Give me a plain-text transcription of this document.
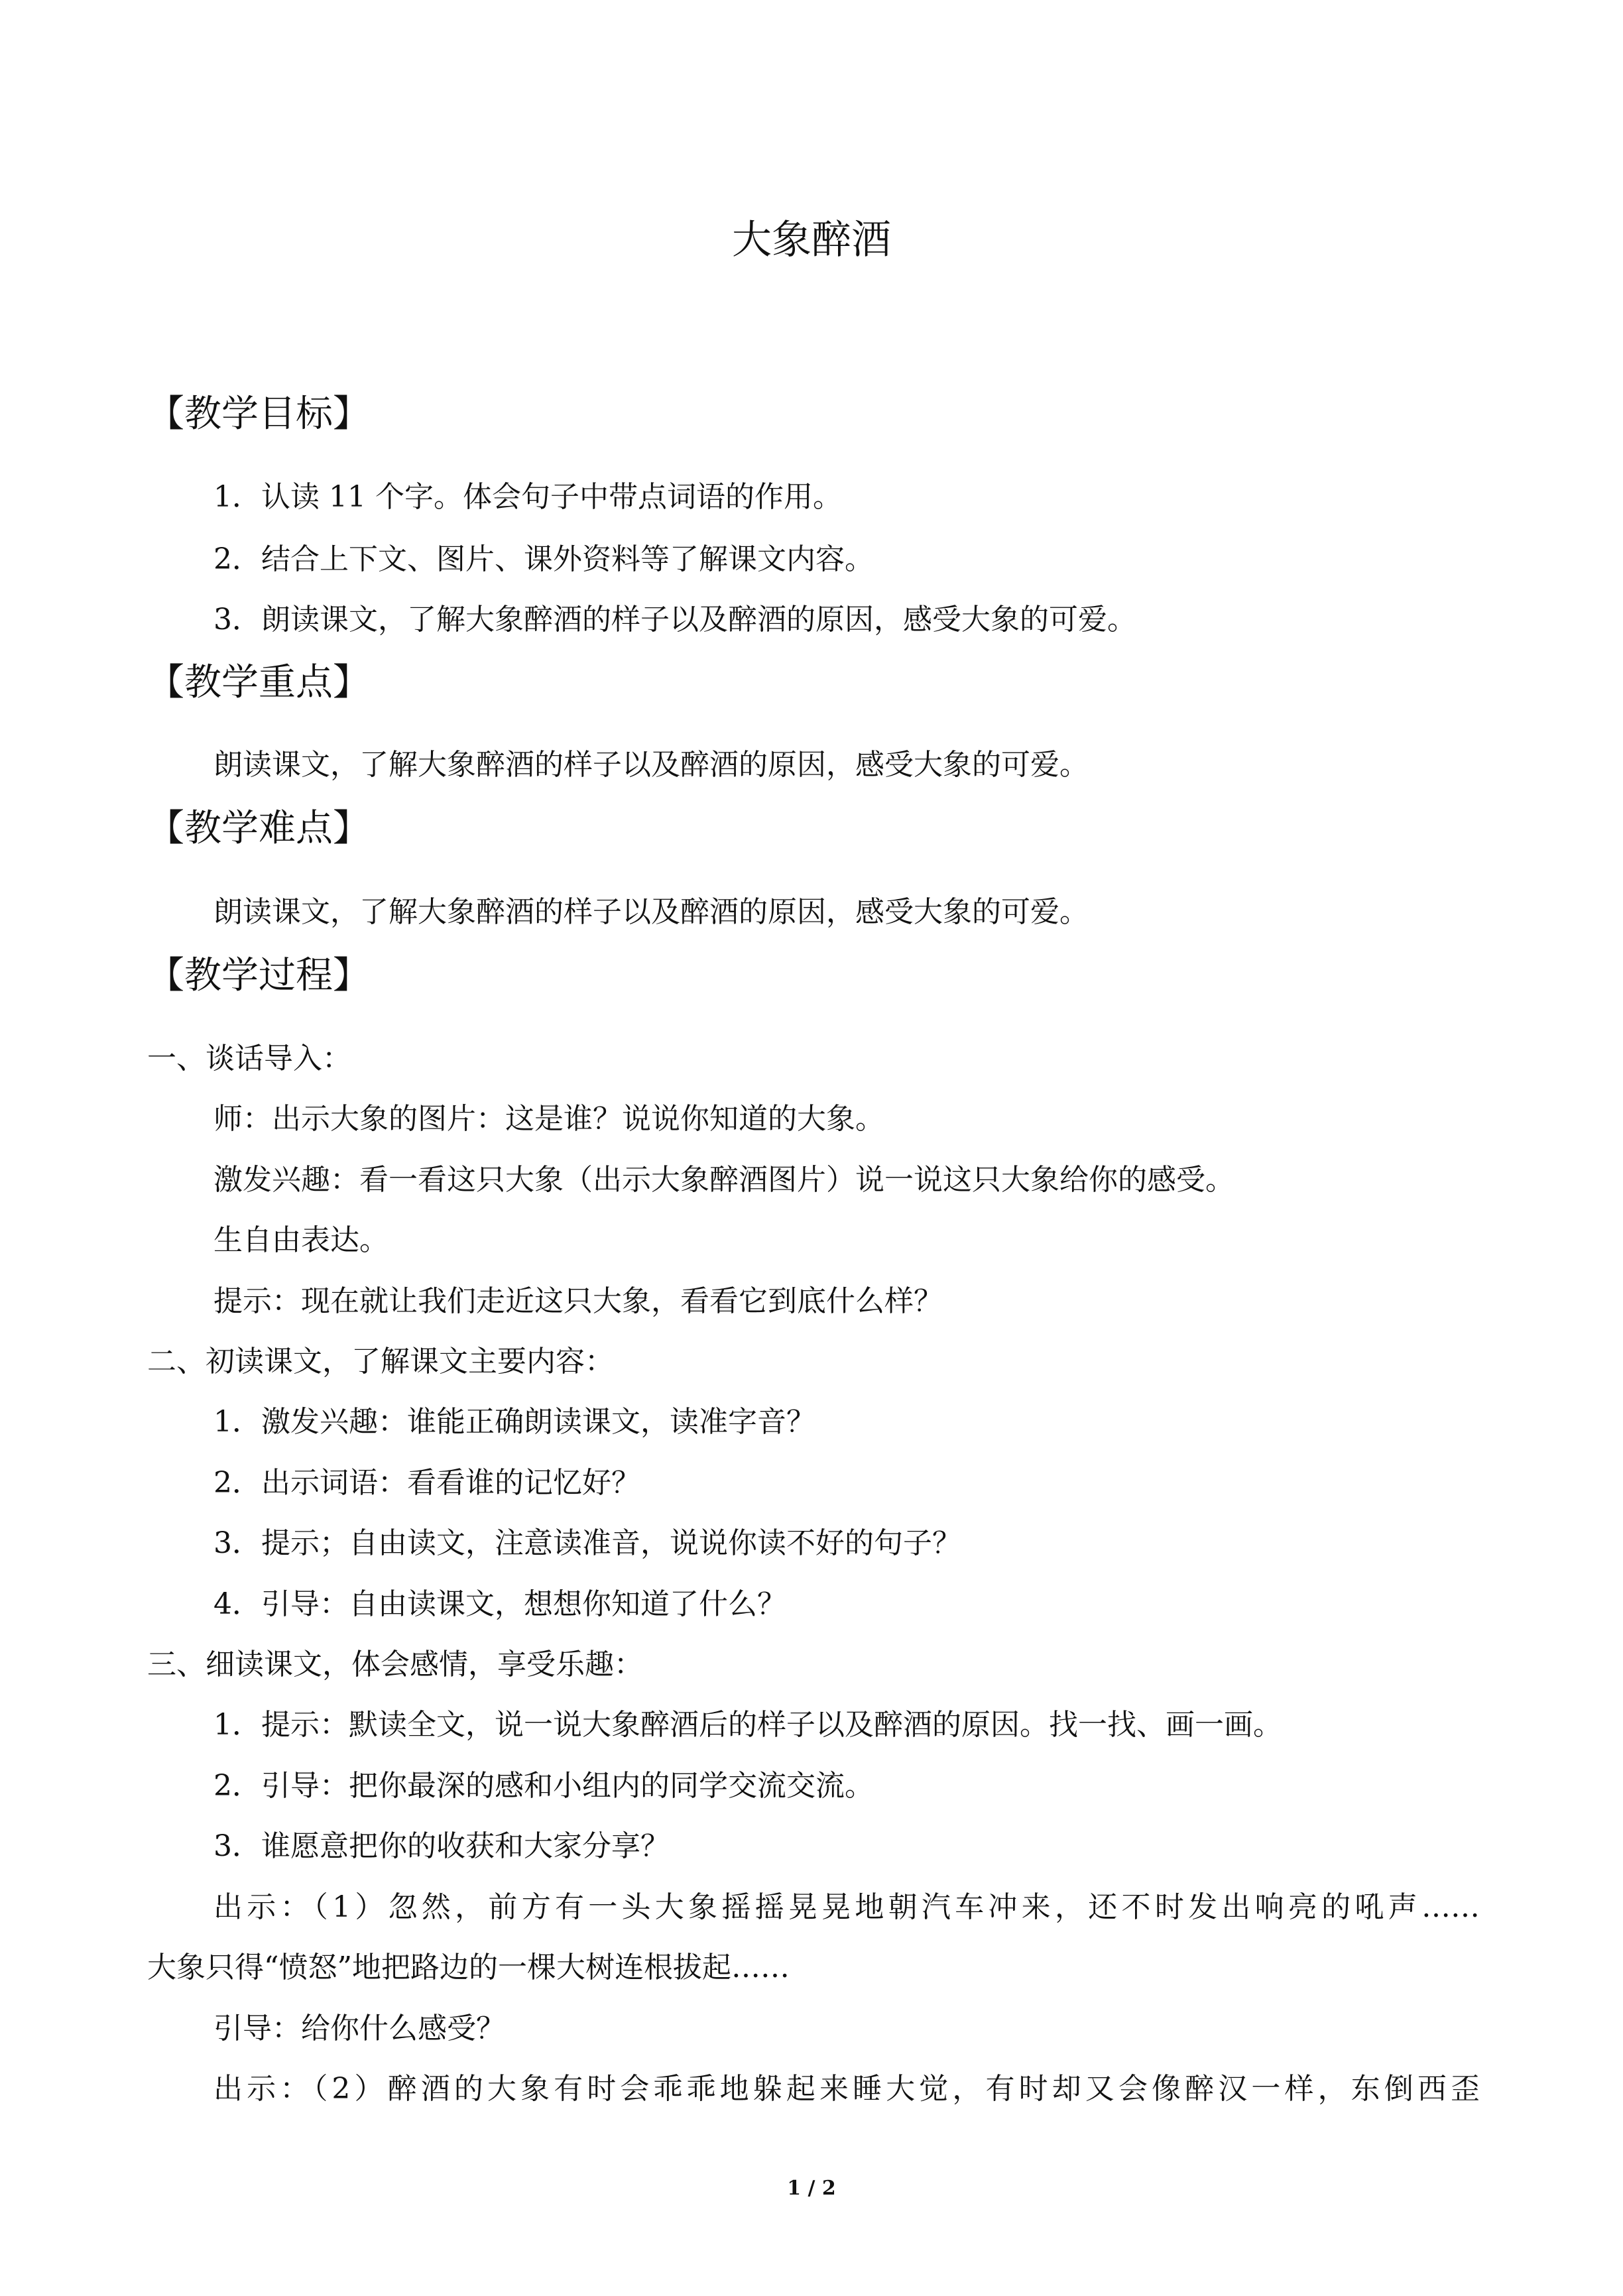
大象醉酒
【教学目标】
1．认读 11 个字。体会句子中带点词语的作用。
2．结合上下文、图片、课外资料等了解课文内容。
3．朗读课文，了解大象醉酒的样子以及醉酒的原因，感受大象的可爱。
【教学重点】
朗读课文，了解大象醉酒的样子以及醉酒的原因，感受大象的可爱。
【教学难点】
朗读课文，了解大象醉酒的样子以及醉酒的原因，感受大象的可爱。
【教学过程】
一、谈话导入：
师：出示大象的图片：这是谁？说说你知道的大象。
激发兴趣：看一看这只大象（出示大象醉酒图片）说一说这只大象给你的感受。
生自由表达。
提示：现在就让我们走近这只大象，看看它到底什么样？
二、初读课文，了解课文主要内容：
1．激发兴趣：谁能正确朗读课文，读准字音？
2．出示词语：看看谁的记忆好？
3．提示；自由读文，注意读准音，说说你读不好的句子？
4．引导：自由读课文，想想你知道了什么？
三、细读课文，体会感情，享受乐趣：
1．提示：默读全文，说一说大象醉酒后的样子以及醉酒的原因。找一找、画一画。
2．引导：把你最深的感和小组内的同学交流交流。
3．谁愿意把你的收获和大家分享？
出示：（1）忽然，前方有一头大象摇摇晃晃地朝汽车冲来，还不时发出响亮的吼声……
大象只得“愤怒”地把路边的一棵大树连根拔起……
引导：给你什么感受？
出示：（2）醉酒的大象有时会乖乖地躲起来睡大觉，有时却又会像醉汉一样，东倒西歪
1 / 2
